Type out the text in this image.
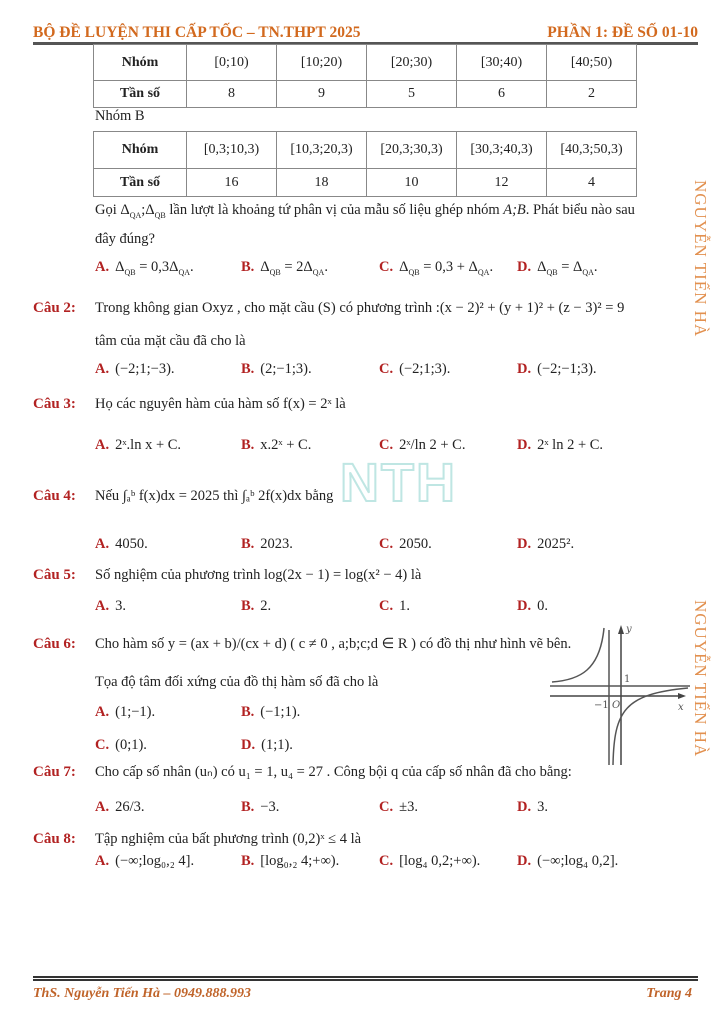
BỘ ĐỀ LUYỆN THI CẤP TỐC – TN.THPT 2025	PHẦN 1: ĐỀ SỐ 01-10
Nhóm	[0;10)	[10;20)	[20;30)	[30;40)	[40;50)
Tần số	8	9	5	6	2
Nhóm B
Nhóm	[0,3;10,3)	[10,3;20,3)	[20,3;30,3)	[30,3;40,3)	[40,3;50,3)
Tần số	16	18	10	12	4
Gọi $\Delta_{QA};\Delta_{QB}$ lần lượt là khoảng tứ phân vị của mẫu số liệu ghép nhóm A;B. Phát biểu nào sau
đây đúng?
A. $\Delta_{QB} = 0,3\Delta_{QA}$.	B. $\Delta_{QB} = 2\Delta_{QA}$.	C. $\Delta_{QB} = 0,3 + \Delta_{QA}$. D. $\Delta_{QB} = \Delta_{QA}$.
Câu 2: Trong không gian Oxyz , cho mặt cầu (S) có phương trình :(x − 2)² + (y + 1)² + (z − 3)² = 9
tâm của mặt cầu đã cho là
A. (−2;1;−3).	B. (2;−1;3).	C. (−2;1;3).	D. (−2;−1;3).
Câu 3: Họ các nguyên hàm của hàm số f(x) = 2ˣ là
A. 2ˣ.ln x + C.	B. x.2ˣ + C.	C. 2ˣ/ln 2 + C.	D. 2ˣ ln 2 + C.
Câu 4: Nếu ∫ₐᵇ f(x)dx = 2025 thì ∫ₐᵇ 2f(x)dx bằng
A. 4050.	B. 2023.	C. 2050.	D. 2025².
Câu 5: Số nghiệm của phương trình log(2x − 1) = log(x² − 4) là
A. 3.	B. 2.	C. 1.	D. 0.
Câu 6: Cho hàm số y = (ax + b)/(cx + d) ( c ≠ 0 , a;b;c;d ∈ R ) có đồ thị như hình vẽ bên.
Tọa độ tâm đối xứng của đồ thị hàm số đã cho là
A. (1;−1).	B. (−1;1).
C. (0;1).	D. (1;1).
Câu 7: Cho cấp số nhân (uₙ) có u₁ = 1, u₄ = 27 . Công bội q của cấp số nhân đã cho bằng:
A. 26/3.	B. −3.	C. ±3.	D. 3.
Câu 8: Tập nghiệm của bất phương trình (0,2)ˣ ≤ 4 là
A. (−∞;log₀,₂ 4].	B. [log₀,₂ 4;+∞).	C. [log₄ 0,2;+∞).	D. (−∞;log₄ 0,2].
y
x
O
−1
1
NTH
NGUYỄN TIẾN HÀ
NGUYỄN TIẾN HÀ
ThS. Nguyễn Tiến Hà – 0949.888.993	Trang 4
